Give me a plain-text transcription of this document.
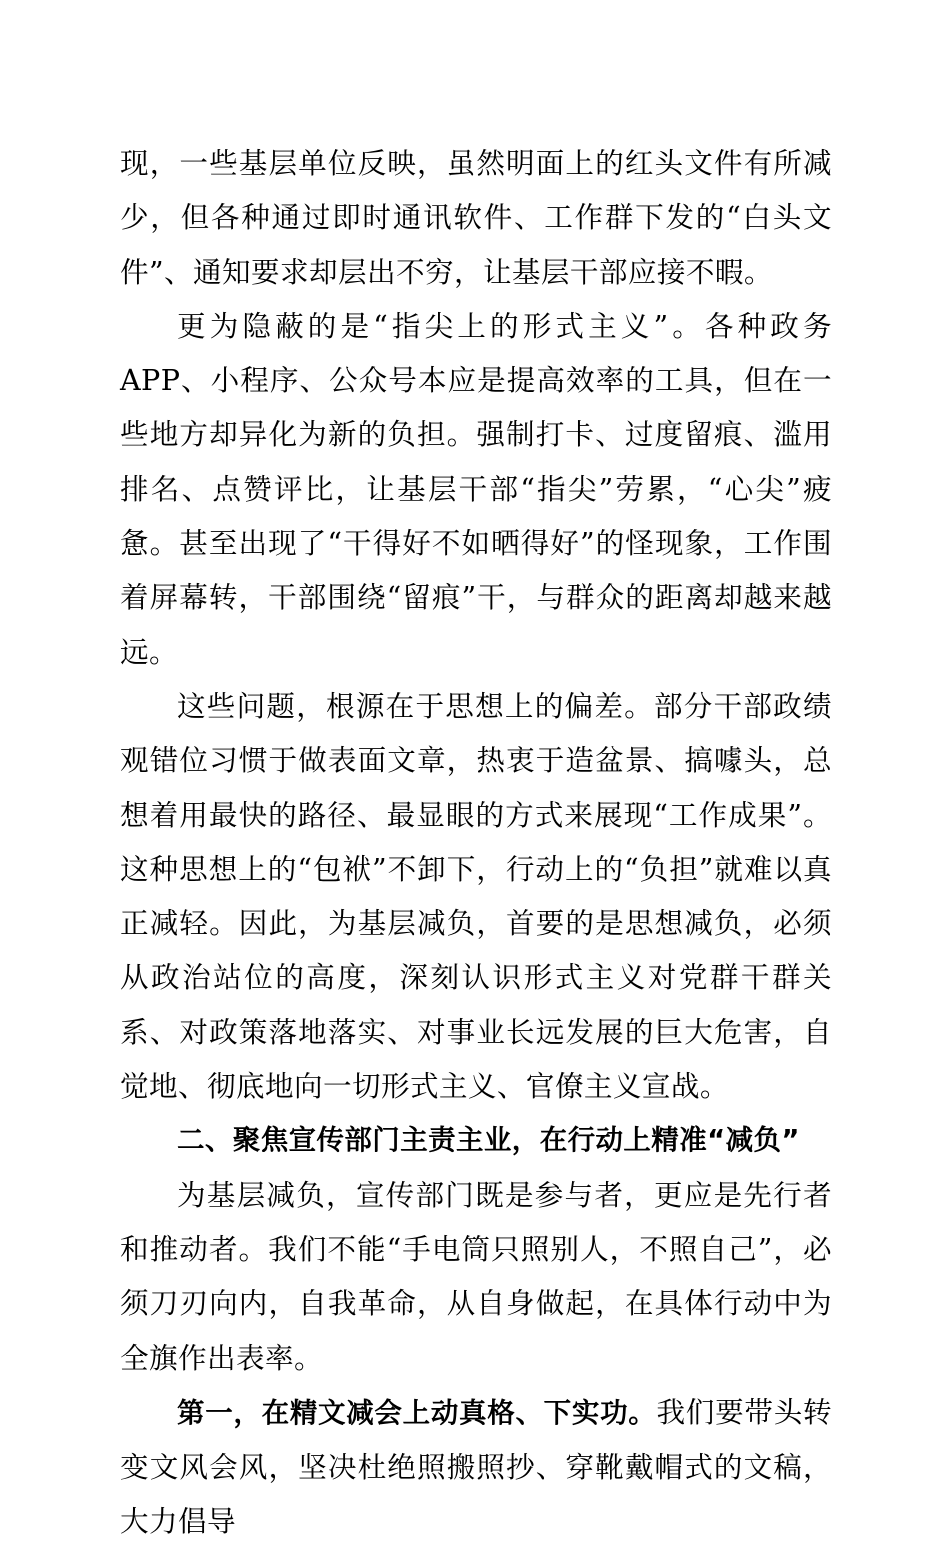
现，一些基层单位反映，虽然明面上的红头文件有所减少，但各种通过即时通讯软件、工作群下发的“白头文件”、通知要求却层出不穷，让基层干部应接不暇。

更为隐蔽的是“指尖上的形式主义”。各种政务APP、小程序、公众号本应是提高效率的工具，但在一些地方却异化为新的负担。强制打卡、过度留痕、滥用排名、点赞评比，让基层干部“指尖”劳累，“心尖”疲惫。甚至出现了“干得好不如晒得好”的怪现象，工作围着屏幕转，干部围绕“留痕”干，与群众的距离却越来越远。

这些问题，根源在于思想上的偏差。部分干部政绩观错位习惯于做表面文章，热衷于造盆景、搞噱头，总想着用最快的路径、最显眼的方式来展现“工作成果”。这种思想上的“包袱”不卸下，行动上的“负担”就难以真正减轻。因此，为基层减负，首要的是思想减负，必须从政治站位的高度，深刻认识形式主义对党群干群关系、对政策落地落实、对事业长远发展的巨大危害，自觉地、彻底地向一切形式主义、官僚主义宣战。

二、聚焦宣传部门主责主业，在行动上精准“减负”

为基层减负，宣传部门既是参与者，更应是先行者和推动者。我们不能“手电筒只照别人，不照自己”，必须刀刃向内，自我革命，从自身做起，在具体行动中为全旗作出表率。

第一，在精文减会上动真格、下实功。我们要带头转变文风会风，坚决杜绝照搬照抄、穿靴戴帽式的文稿，大力倡导
